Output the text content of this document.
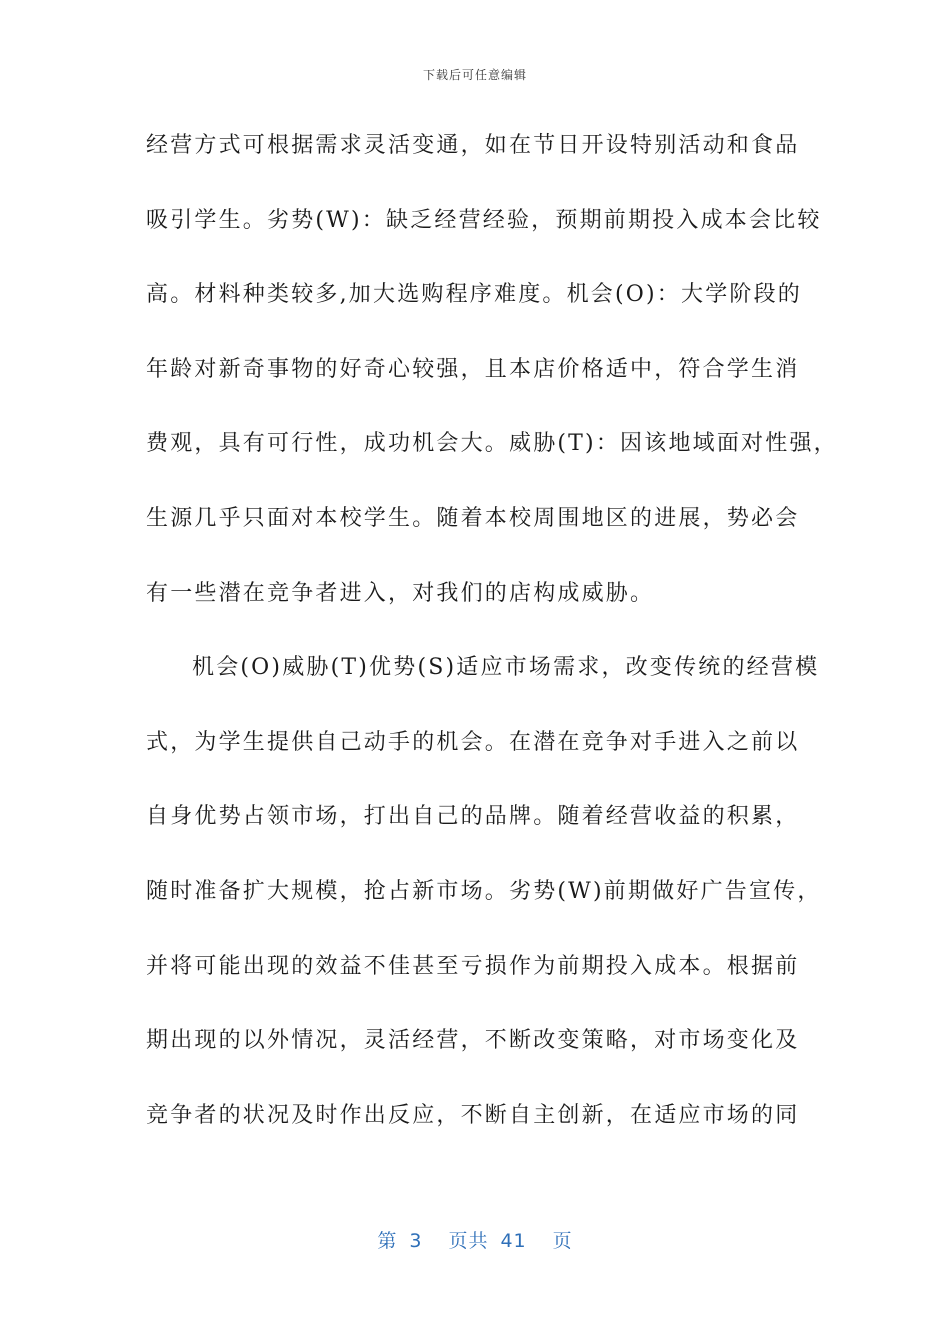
下载后可任意编辑
经营方式可根据需求灵活变通，如在节日开设特别活动和食品
吸引学生。劣势(W)：缺乏经营经验，预期前期投入成本会比较
高。材料种类较多,加大选购程序难度。机会(O)：大学阶段的
年龄对新奇事物的好奇心较强，且本店价格适中，符合学生消
费观，具有可行性，成功机会大。威胁(T)：因该地域面对性强，
生源几乎只面对本校学生。随着本校周围地区的进展，势必会
有一些潜在竞争者进入，对我们的店构成威胁。
机会(O)威胁(T)优势(S)适应市场需求，改变传统的经营模
式，为学生提供自己动手的机会。在潜在竞争对手进入之前以
自身优势占领市场，打出自己的品牌。随着经营收益的积累，
随时准备扩大规模，抢占新市场。劣势(W)前期做好广告宣传，
并将可能出现的效益不佳甚至亏损作为前期投入成本。根据前
期出现的以外情况，灵活经营，不断改变策略，对市场变化及
竞争者的状况及时作出反应，不断自主创新，在适应市场的同
第 3 页共 41 页
